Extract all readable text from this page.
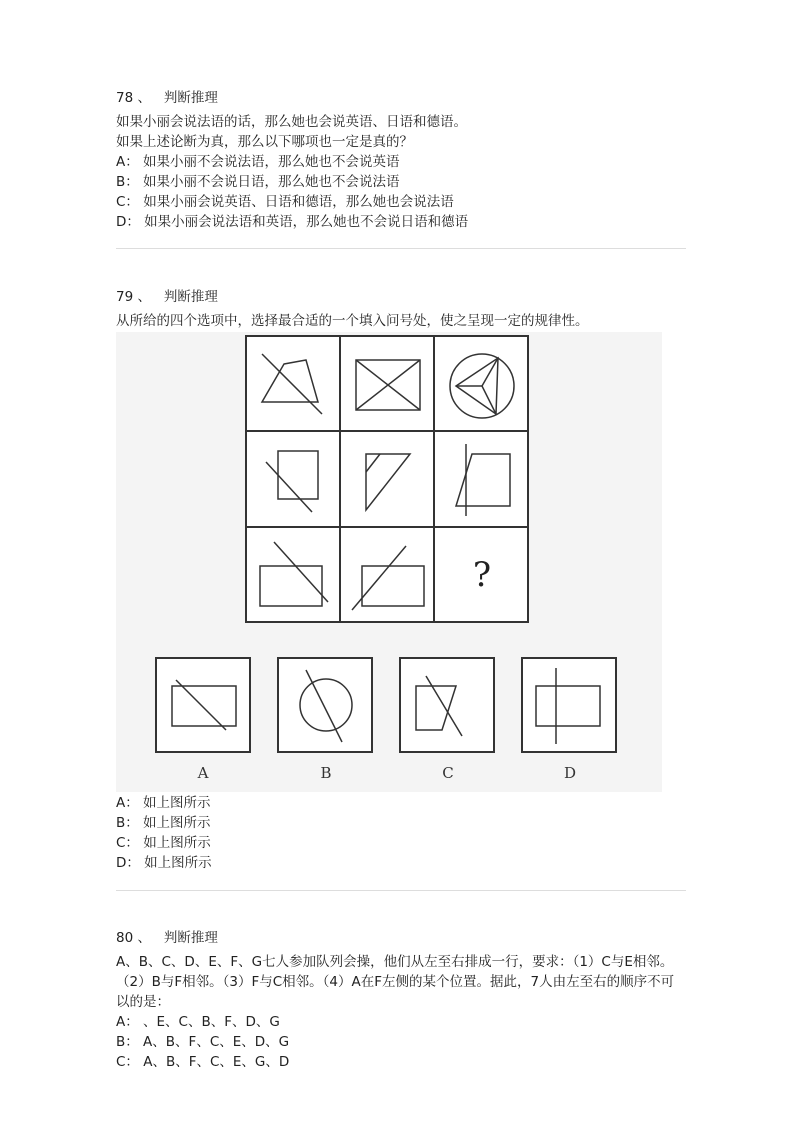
78 、 判断推理
如果小丽会说法语的话，那么她也会说英语、日语和德语。
如果上述论断为真，那么以下哪项也一定是真的？
A： 如果小丽不会说法语，那么她也不会说英语
B： 如果小丽不会说日语，那么她也不会说法语
C： 如果小丽会说英语、日语和德语，那么她也会说法语
D： 如果小丽会说法语和英语，那么她也不会说日语和德语
79 、 判断推理
从所给的四个选项中，选择最合适的一个填入问号处，使之呈现一定的规律性。
?
A	B	C	D
A： 如上图所示
B： 如上图所示
C： 如上图所示
D： 如上图所示
80 、 判断推理
A、B、C、D、E、F、G七人参加队列会操，他们从左至右排成一行，要求：（1）C与E相邻。（2）B与F相邻。（3）F与C相邻。（4）A在F左侧的某个位置。据此，7人由左至右的顺序不可以的是：
A： 、E、C、B、F、D、G
B： A、B、F、C、E、D、G
C： A、B、F、C、E、G、D
